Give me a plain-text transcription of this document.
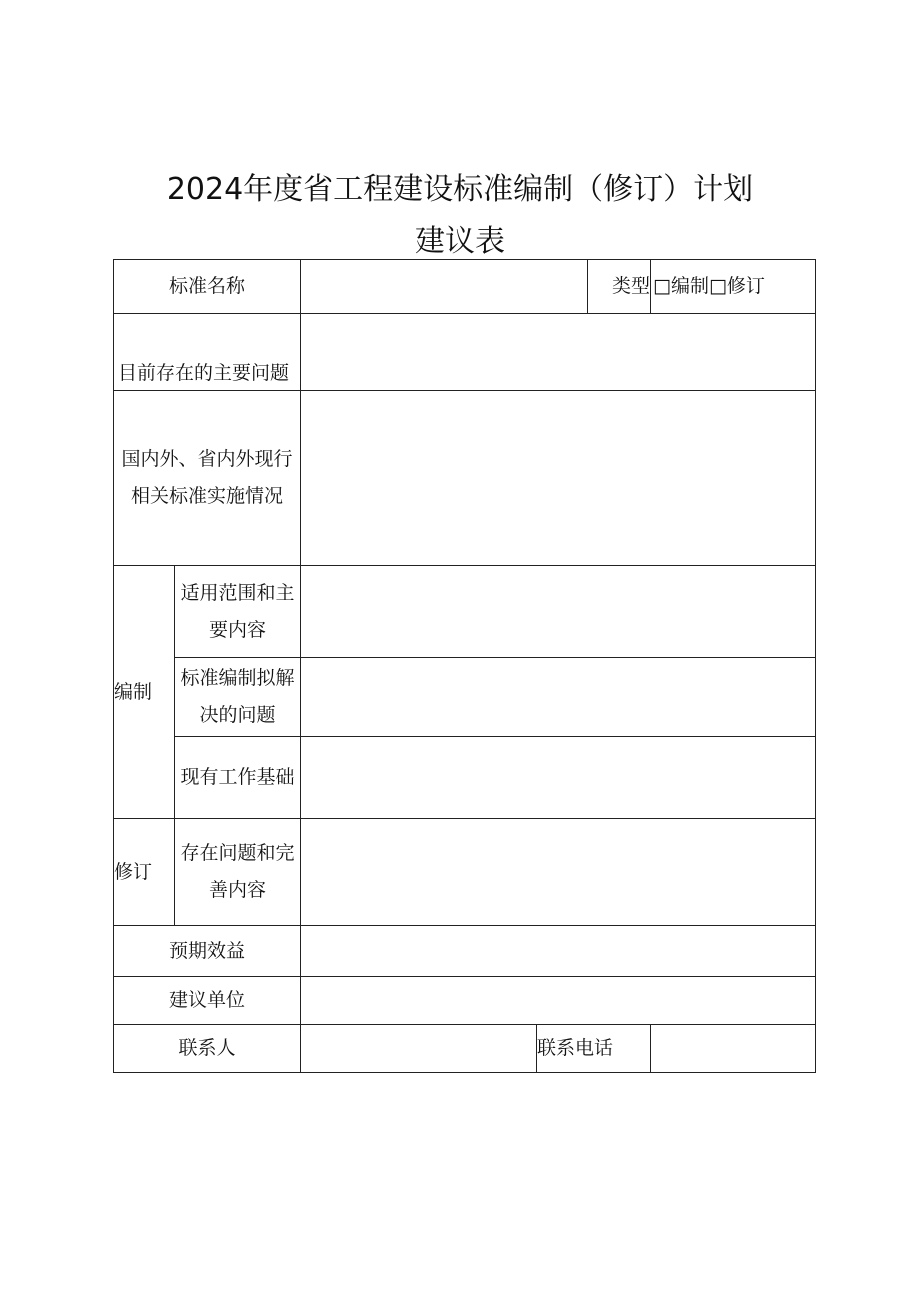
2024年度省工程建设标准编制（修订）计划
建议表
标准名称				类型	□编制□修订
目前存在的主要问题					

国内外、省内外现行
相关标准实施情况					

编制	适用范围和主
要内容				

	标准编制拟解
决的问题				

	现有工作基础				
修订	存在问题和完
善内容				

预期效益					
建议单位					
联系人			联系电话		
